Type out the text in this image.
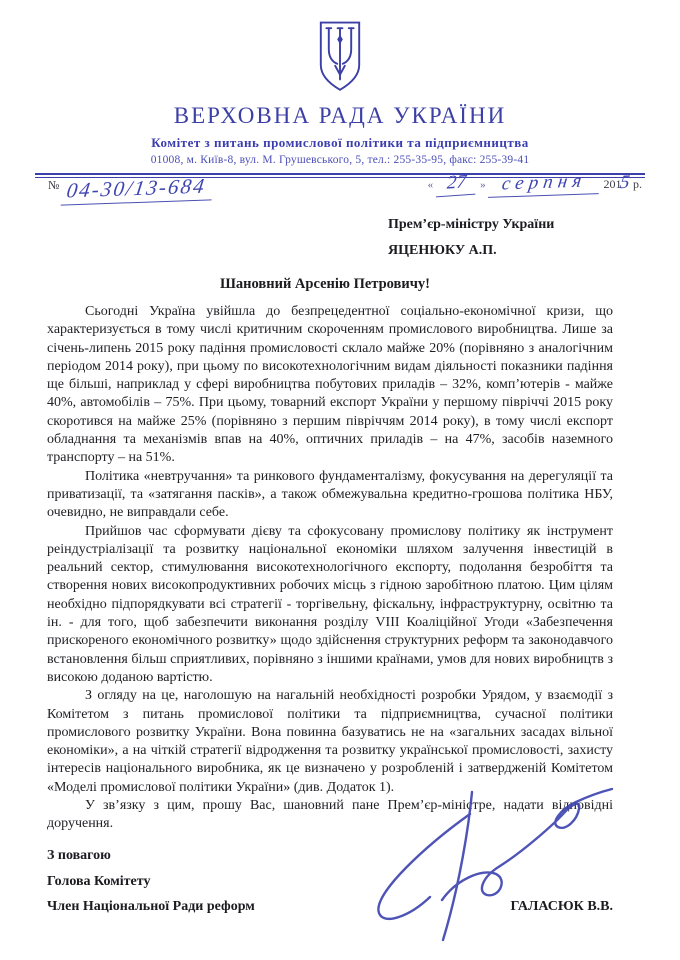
ВЕРХОВНА РАДА УКРАЇНИ
Комітет з питань промислової політики та підприємництва
01008, м. Київ-8, вул. М. Грушевського, 5, тел.: 255-35-95, факс: 255-39-41
№ 04-30/13-684	« 27 » серпня 2015 р.
Прем’єр-міністру України
ЯЦЕНЮКУ А.П.
Шановний Арсенію Петровичу!

Сьогодні Україна увійшла до безпрецедентної соціально-економічної кризи, що характеризується в тому числі критичним скороченням промислового виробництва. Лише за січень-липень 2015 року падіння промисловості склало майже 20% (порівняно з аналогічним періодом 2014 року), при цьому по високотехнологічним видам діяльності показники падіння ще більші, наприклад у сфері виробництва побутових приладів – 32%, комп’ютерів - майже 40%, автомобілів – 75%. При цьому, товарний експорт України у першому півріччі 2015 року скоротився на майже 25% (порівняно з першим півріччям 2014 року), в тому числі експорт обладнання та механізмів впав на 40%, оптичних приладів – на 47%, засобів наземного транспорту – на 51%.

Політика «невтручання» та ринкового фундаменталізму, фокусування на дерегуляції та приватизації, та «затягання пасків», а також обмежувальна кредитно-грошова політика НБУ, очевидно, не виправдали себе.

Прийшов час сформувати дієву та сфокусовану промислову політику як інструмент реіндустріалізації та розвитку національної економіки шляхом залучення інвестицій в реальний сектор, стимулювання високотехнологічного експорту, подолання безробіття та створення нових високопродуктивних робочих місць з гідною заробітною платою. Цим цілям необхідно підпорядкувати всі стратегії - торгівельну, фіскальну, інфраструктурну, освітню та ін. - для того, щоб забезпечити виконання розділу VIII Коаліційної Угоди «Забезпечення прискореного економічного розвитку» щодо здійснення структурних реформ та законодавчого встановлення більш сприятливих, порівняно з іншими країнами, умов для нових виробництв з високою доданою вартістю.

З огляду на це, наголошую на нагальній необхідності розробки Урядом, у взаємодії з Комітетом з питань промислової політики та підприємництва, сучасної політики промислового розвитку України. Вона повинна базуватись не на «загальних засадах вільної економіки», а на чіткій стратегії відродження та розвитку української промисловості, захисту інтересів національного виробника, як це визначено у розробленій і затвердженій Комітетом «Моделі промислової політики України» (див. Додаток 1).

У зв’язку з цим, прошу Вас, шановний пане Прем’єр-міністре, надати відповідні доручення.

З повагою
Голова Комітету
Член Національної Ради реформ	ГАЛАСЮК В.В.
